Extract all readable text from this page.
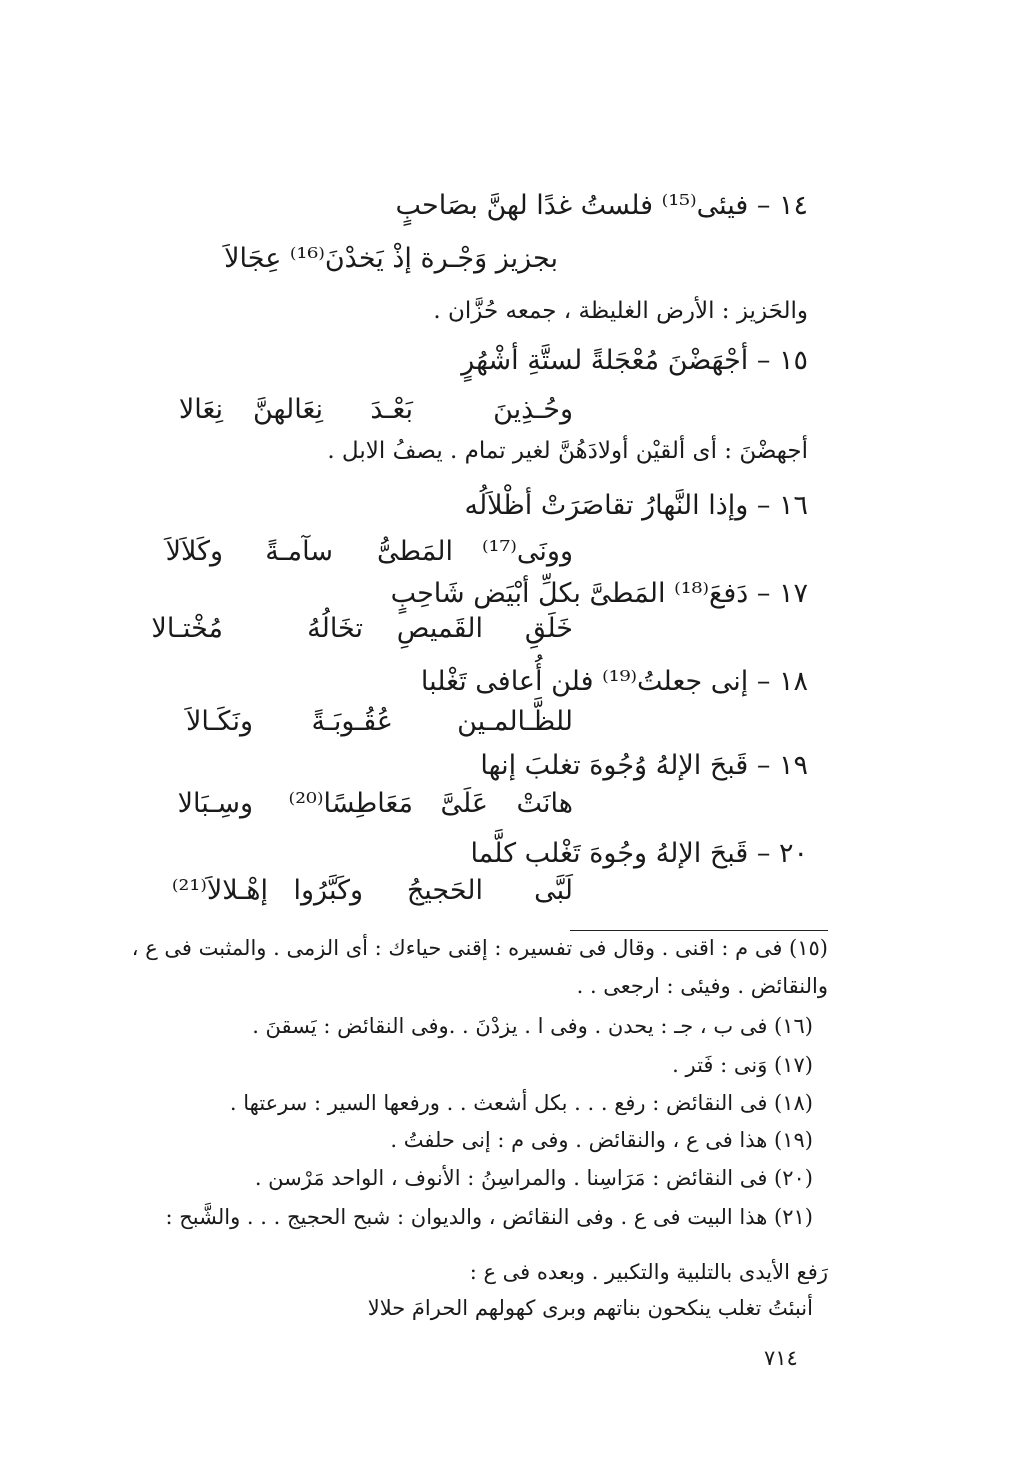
١٤ – فيئى⁽¹⁵⁾ فلستُ غدًا لهنَّ بصَاحبٍ
بجزيز وَجْـرة إذْ يَخدْنَ⁽¹⁶⁾ عِجَالاَ
والحَزيز : الأرض الغليظة ، جمعه حُزَّان .
١٥ – أجْهَضْنَ مُعْجَلةً لستَّةِ أشْهُرٍ
وحُـذِينَ
بَعْـدَ
نِعَالهنَّ
نِعَالا
أجهضْنَ : أى ألقيْن أولادَهُنَّ لغير تمام . يصفُ الابل .
١٦ – وإذا النَّهارُ تقاصَرَتْ أظْلاَلُه
وونَى⁽¹⁷⁾
المَطىُّ
سآمـةً
وكَلاَلاَ
١٧ – دَفعَ⁽¹⁸⁾ المَطىَّ بكلِّ أبْيَض شَاحِبٍ
خَلَقِ
القَميصِ
تخَالُهُ
مُخْتـالا
١٨ – إنى جعلتُ⁽¹⁹⁾ فلن أُعافى تَغْلبا
للظَّـالمـين
عُقُـوبَـةً
ونَكَـالاَ
١٩ – قَبحَ الإلهُ وُجُوهَ تغلبَ إنها
هانَتْ
عَلَىَّ
مَعَاطِسًا⁽²⁰⁾
وسِـبَالا
٢٠ – قَبحَ الإلهُ وجُوهَ تَغْلب كلَّما
لَبَّى
الحَجيجُ
وكَبَّرُوا
إهْـلالاَ⁽²¹⁾
(١٥) فى م : اقنى . وقال فى تفسيره : إقنى حياءك : أى الزمى . والمثبت فى ع ،
والنقائض . وفيئى : ارجعى . .
(١٦) فى ب ، جـ : يحدن . وفى ا . يزدْنَ . .وفى النقائض : يَسقنَ .
(١٧) وَنى : فَتر .
(١٨) فى النقائض : رفع . . . بكل أشعث . . ورفعها السير : سرعتها .
(١٩) هذا فى ع ، والنقائض . وفى م : إنى حلفتُ .
(٢٠) فى النقائض : مَرَاسِنا . والمراسِنُ : الأنوف ، الواحد مَرْسن .
(٢١) هذا البيت فى ع . وفى النقائض ، والديوان : شبح الحجيج . . . والشَّبح :
رَفع الأيدى بالتلبية والتكبير . وبعده فى ع :
أنبئتُ تغلب ينكحون بناتهم وبرى كهولهم الحرامَ حلالا
٧١٤
